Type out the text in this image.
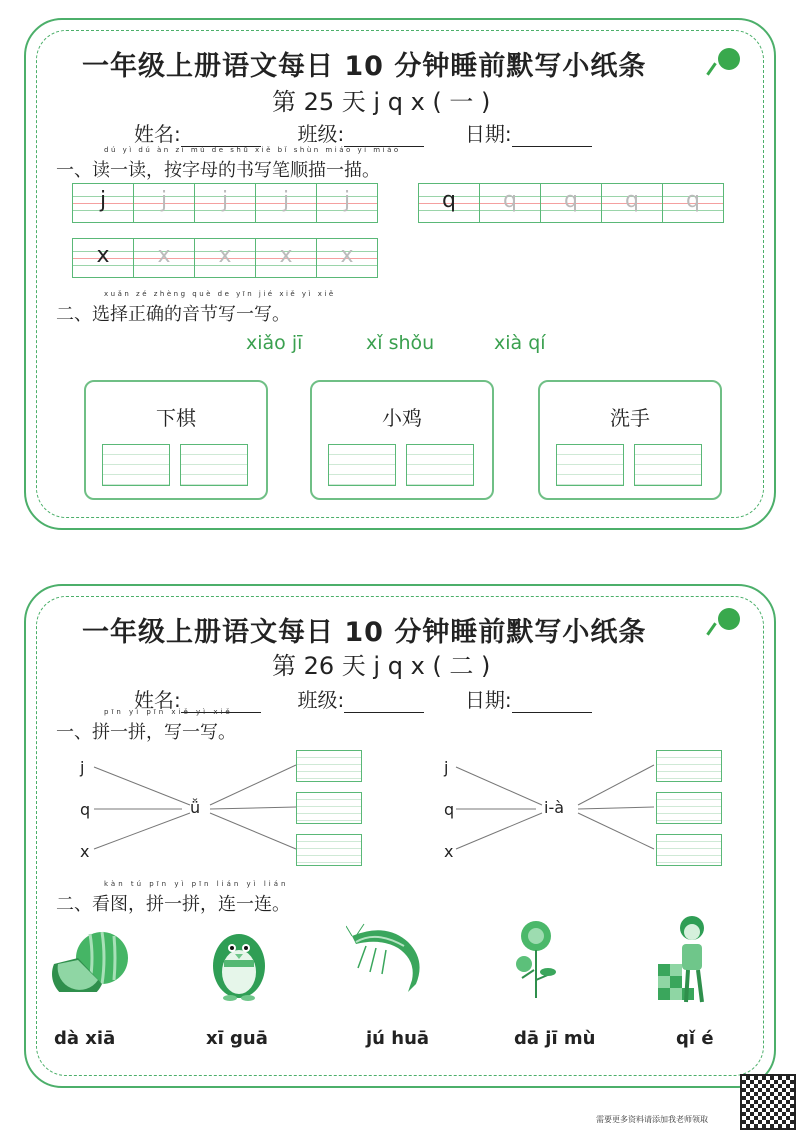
一年级上册语文每日 10 分钟睡前默写小纸条
第 25 天 j q x ( 一 )
姓名:	班级:	日期:
dú yì dú àn zì mǔ de shū xiě bǐ shùn miáo yì miáo
一、读一读，按字母的书写笔顺描一描。
j	j	j	j	j	q	q	q	q	q
x	x	x	x	x
xuǎn zé zhèng què de yīn jié xiě yì xiě
二、选择正确的音节写一写。
xiǎo jī	xǐ shǒu	xià qí
下棋	小鸡	洗手
一年级上册语文每日 10 分钟睡前默写小纸条
第 26 天 j q x ( 二 )
姓名:	班级:	日期:
pīn yì pīn xiě yì xiě
一、拼一拼，写一写。
j
q
x
ǚ
j
q
x
i-à
kàn tú pīn yì pīn lián yì lián
二、看图，拼一拼，连一连。
dà xiā	xī guā	jú huā	dā jī mù	qǐ é
需要更多资料请添加我老师领取
